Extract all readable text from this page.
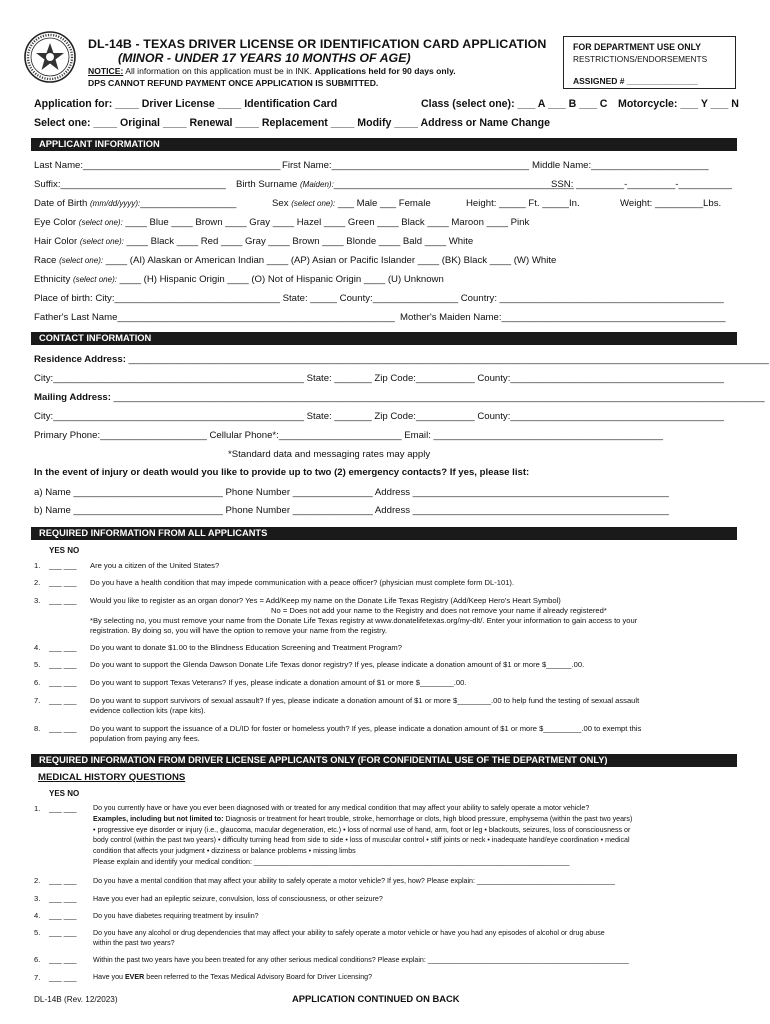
DL-14B - TEXAS DRIVER LICENSE OR IDENTIFICATION CARD APPLICATION
(MINOR - UNDER 17 YEARS 10 MONTHS OF AGE)
NOTICE: All information on this application must be in INK. Applications held for 90 days only.
DPS CANNOT REFUND PAYMENT ONCE APPLICATION IS SUBMITTED.
FOR DEPARTMENT USE ONLY
RESTRICTIONS/ENDORSEMENTS
ASSIGNED # _______________
Application for: ____ Driver License ____ Identification Card	Class (select one): ___ A ___ B ___ C Motorcycle: ___ Y ___ N
Select one: ____ Original ____ Renewal ____ Replacement ____ Modify ____ Address or Name Change
APPLICANT INFORMATION
Last Name:_____________________________________ First Name:_____________________________________ Middle Name:______________________
Suffix:_______________________________ Birth Surname (Maiden):_____________________________________________
SSN: _________-_________-__________
Date of Birth (mm/dd/yyyy):__________________	Sex (select one): ___ Male ___ Female	Height: _____ Ft. _____In.	Weight: _________Lbs.
Eye Color (select one): ____ Blue ____ Brown ____ Gray ____ Hazel ____ Green ____ Black ____ Maroon ____ Pink
Hair Color (select one): ____ Black ____ Red ____ Gray ____ Brown ____ Blonde ____ Bald ____ White
Race (select one): ____ (AI) Alaskan or American Indian ____ (AP) Asian or Pacific Islander ____ (BK) Black ____ (W) White
Ethnicity (select one): ____ (H) Hispanic Origin ____ (O) Not of Hispanic Origin ____ (U) Unknown
Place of birth: City:_______________________________ State: _____ County:________________ Country: __________________________________________
Father's Last Name____________________________________________________ Mother's Maiden Name:__________________________________________
CONTACT INFORMATION
Residence Address: ________________________________________________________________________________________________________________________
City:_______________________________________________ State: _______ Zip Code:___________ County:________________________________________
Mailing Address: __________________________________________________________________________________________________________________________
City:_______________________________________________ State: _______ Zip Code:___________ County:________________________________________
Primary Phone:____________________ Cellular Phone*:_______________________ Email: ___________________________________________
*Standard data and messaging rates may apply
In the event of injury or death would you like to provide up to two (2) emergency contacts? If yes, please list:
a) Name ____________________________ Phone Number _______________ Address ________________________________________________
b) Name ____________________________ Phone Number _______________ Address ________________________________________________
REQUIRED INFORMATION FROM ALL APPLICANTS
YES NO
1. ___ ___ Are you a citizen of the United States?
2. ___ ___ Do you have a health condition that may impede communication with a peace officer? (physician must complete form DL-101).
3. ___ ___ Would you like to register as an organ donor? Yes = Add/Keep my name on the Donate Life Texas Registry (Add/Keep Hero's Heart Symbol)
No = Does not add your name to the Registry and does not remove your name if already registered*
*By selecting no, you must remove your name from the Donate Life Texas registry at www.donatelifetexas.org/my-dlt/. Enter your information to gain access to your
registration. By doing so, you will have the option to remove your name from the registry.
4. ___ ___ Do you want to donate $1.00 to the Blindness Education Screening and Treatment Program?
5. ___ ___ Do you want to support the Glenda Dawson Donate Life Texas donor registry? If yes, please indicate a donation amount of $1 or more $______.00.
6. ___ ___ Do you want to support Texas Veterans? If yes, please indicate a donation amount of $1 or more $________.00.
7. ___ ___ Do you want to support survivors of sexual assault? If yes, please indicate a donation amount of $1 or more $________.00 to help fund the testing of sexual assault
evidence collection kits (rape kits).
8. ___ ___ Do you want to support the issuance of a DL/ID for foster or homeless youth? If yes, please indicate a donation amount of $1 or more $_________.00 to exempt this
population from paying any fees.
REQUIRED INFORMATION FROM DRIVER LICENSE APPLICANTS ONLY (FOR CONFIDENTIAL USE OF THE DEPARTMENT ONLY)
MEDICAL HISTORY QUESTIONS
YES NO
1. ___ ___ Do you currently have or have you ever been diagnosed with or treated for any medical condition that may affect your ability to safely operate a motor vehicle?
Examples, including but not limited to: Diagnosis or treatment for heart trouble, stroke, hemorrhage or clots, high blood pressure, emphysema (within the past two years)
• progressive eye disorder or injury (i.e., glaucoma, macular degeneration, etc.) • loss of normal use of hand, arm, foot or leg • blackouts, seizures, loss of consciousness or
body control (within the past two years) • difficulty turning head from side to side • loss of muscular control • stiff joints or neck • inadequate hand/eye coordination • medical
condition that affects your judgment • dizziness or balance problems • missing limbs
Please explain and identify your medical condition: ________________________________________________________________________________
2. ___ ___ Do you have a mental condition that may affect your ability to safely operate a motor vehicle? If yes, how? Please explain: ___________________________________
3. ___ ___ Have you ever had an epileptic seizure, convulsion, loss of consciousness, or other seizure?
4. ___ ___ Do you have diabetes requiring treatment by insulin?
5. ___ ___ Do you have any alcohol or drug dependencies that may affect your ability to safely operate a motor vehicle or have you had any episodes of alcohol or drug abuse
within the past two years?
6. ___ ___ Within the past two years have you been treated for any other serious medical conditions? Please explain: ___________________________________________________
7. ___ ___ Have you EVER been referred to the Texas Medical Advisory Board for Driver Licensing?
DL-14B (Rev. 12/2023)	APPLICATION CONTINUED ON BACK
